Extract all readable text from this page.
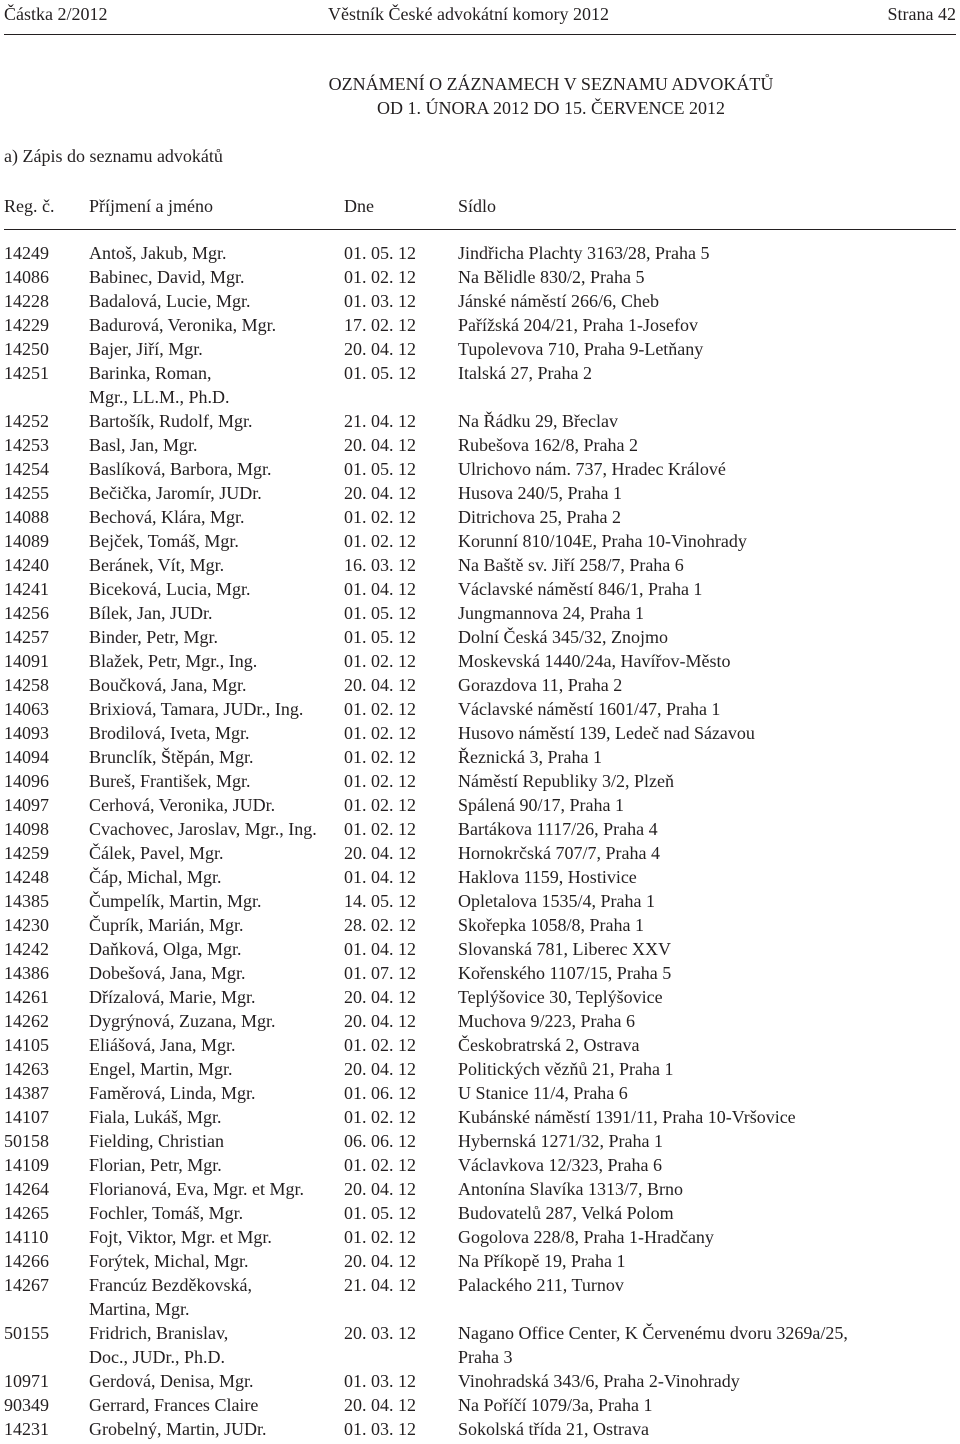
Částka 2/2012	Věstník České advokátní komory 2012	Strana 42
OZNÁMENÍ O ZÁZNAMECH V SEZNAMU ADVOKÁTŮ
OD 1. ÚNORA 2012 DO 15. ČERVENCE 2012
a) Zápis do seznamu advokátů
Reg. č. Příjmení a jméno	Dne	Sídlo
14249 Antoš, Jakub, Mgr.	01. 05. 12 Jindřicha Plachty 3163/28, Praha 5
14086 Babinec, David, Mgr.	01. 02. 12 Na Bělidle 830/2, Praha 5
14228 Badalová, Lucie, Mgr.	01. 03. 12 Jánské náměstí 266/6, Cheb
14229 Badurová, Veronika, Mgr.	17. 02. 12 Pařížská 204/21, Praha 1-Josefov
14250 Bajer, Jiří, Mgr.	20. 04. 12 Tupolevova 710, Praha 9-Letňany
14251 Barinka, Roman,
Mgr., LL.M., Ph.D.
01. 05. 12 Italská 27, Praha 2
14252 Bartošík, Rudolf, Mgr.	21. 04. 12 Na Řádku 29, Břeclav
14253 Basl, Jan, Mgr.	20. 04. 12 Rubešova 162/8, Praha 2
14254 Baslíková, Barbora, Mgr.	01. 05. 12 Ulrichovo nám. 737, Hradec Králové
14255 Bečička, Jaromír, JUDr.	20. 04. 12 Husova 240/5, Praha 1
14088 Bechová, Klára, Mgr.	01. 02. 12 Ditrichova 25, Praha 2
14089 Bejček, Tomáš, Mgr.	01. 02. 12 Korunní 810/104E, Praha 10-Vinohrady
14240 Beránek, Vít, Mgr.	16. 03. 12 Na Baště sv. Jiří 258/7, Praha 6
14241 Biceková, Lucia, Mgr.	01. 04. 12 Václavské náměstí 846/1, Praha 1
14256 Bílek, Jan, JUDr.	01. 05. 12 Jungmannova 24, Praha 1
14257 Binder, Petr, Mgr.	01. 05. 12 Dolní Česká 345/32, Znojmo
14091 Blažek, Petr, Mgr., Ing.	01. 02. 12 Moskevská 1440/24a, Havířov-Město
14258 Boučková, Jana, Mgr.	20. 04. 12 Gorazdova 11, Praha 2
14063 Brixiová, Tamara, JUDr., Ing. 01. 02. 12 Václavské náměstí 1601/47, Praha 1
14093 Brodilová, Iveta, Mgr.	01. 02. 12 Husovo náměstí 139, Ledeč nad Sázavou
14094 Brunclík, Štěpán, Mgr.	01. 02. 12 Řeznická 3, Praha 1
14096 Bureš, František, Mgr.	01. 02. 12 Náměstí Republiky 3/2, Plzeň
14097 Cerhová, Veronika, JUDr.	01. 02. 12 Spálená 90/17, Praha 1
14098 Cvachovec, Jaroslav, Mgr., Ing. 01. 02. 12 Bartákova 1117/26, Praha 4
14259 Čálek, Pavel, Mgr.	20. 04. 12 Hornokrčská 707/7, Praha 4
14248 Čáp, Michal, Mgr.	01. 04. 12 Haklova 1159, Hostivice
14385 Čumpelík, Martin, Mgr.	14. 05. 12 Opletalova 1535/4, Praha 1
14230 Čuprík, Marián, Mgr.	28. 02. 12 Skořepka 1058/8, Praha 1
14242 Daňková, Olga, Mgr.	01. 04. 12 Slovanská 781, Liberec XXV
14386 Dobešová, Jana, Mgr.	01. 07. 12 Kořenského 1107/15, Praha 5
14261 Dřízalová, Marie, Mgr.	20. 04. 12 Teplýšovice 30, Teplýšovice
14262 Dygrýnová, Zuzana, Mgr.	20. 04. 12 Muchova 9/223, Praha 6
14105 Eliášová, Jana, Mgr.	01. 02. 12 Českobratrská 2, Ostrava
14263 Engel, Martin, Mgr.	20. 04. 12 Politických vězňů 21, Praha 1
14387 Faměrová, Linda, Mgr.	01. 06. 12 U Stanice 11/4, Praha 6
14107 Fiala, Lukáš, Mgr.	01. 02. 12 Kubánské náměstí 1391/11, Praha 10-Vršovice
50158 Fielding, Christian	06. 06. 12 Hybernská 1271/32, Praha 1
14109 Florian, Petr, Mgr.	01. 02. 12 Václavkova 12/323, Praha 6
14264 Florianová, Eva, Mgr. et Mgr. 20. 04. 12 Antonína Slavíka 1313/7, Brno
14265 Fochler, Tomáš, Mgr.	01. 05. 12 Budovatelů 287, Velká Polom
14110 Fojt, Viktor, Mgr. et Mgr.	01. 02. 12 Gogolova 228/8, Praha 1-Hradčany
14266 Forýtek, Michal, Mgr.	20. 04. 12 Na Příkopě 19, Praha 1
14267 Francúz Bezděkovská,
Martina, Mgr.
21. 04. 12 Palackého 211, Turnov
50155 Fridrich, Branislav,
Doc., JUDr., Ph.D.
20. 03. 12 Nagano Office Center, K Červenému dvoru 3269a/25,
Praha 3
10971 Gerdová, Denisa, Mgr.	01. 03. 12 Vinohradská 343/6, Praha 2-Vinohrady
90349 Gerrard, Frances Claire	20. 04. 12 Na Poříčí 1079/3a, Praha 1
14231 Grobelný, Martin, JUDr.	01. 03. 12 Sokolská třída 21, Ostrava
